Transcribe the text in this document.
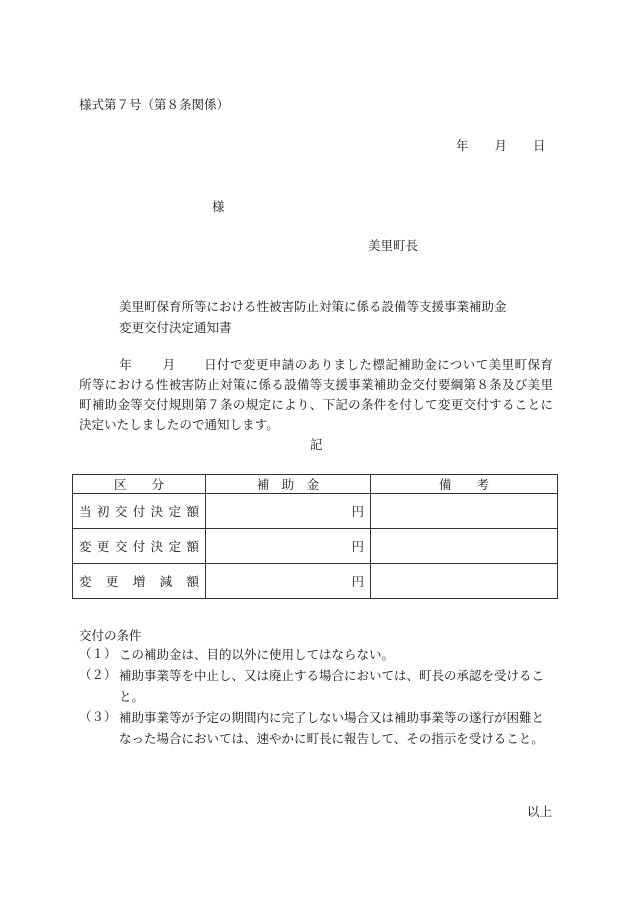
様式第７号（第８条関係）
年 月 日
様
美里町長
美里町保育所等における性被害防止対策に係る設備等支援事業補助金
変更交付決定通知書
年 月 日付で変更申請のありました標記補助金について美里町保育所等における性被害防止対策に係る設備等支援事業補助金交付要綱第８条及び美里町補助金等交付規則第７条の規定により、下記の条件を付して変更交付することに決定いたしましたので通知します。
記
区　　分	補　助　金	備　　考
当初交付決定額	円	
変更交付決定額	円	
変更増減額	円	
交付の条件
（１） この補助金は、目的以外に使用してはならない。
（２） 補助事業等を中止し、又は廃止する場合においては、町長の承認を受けること。
（３） 補助事業等が予定の期間内に完了しない場合又は補助事業等の遂行が困難となった場合においては、速やかに町長に報告して、その指示を受けること。
以上
